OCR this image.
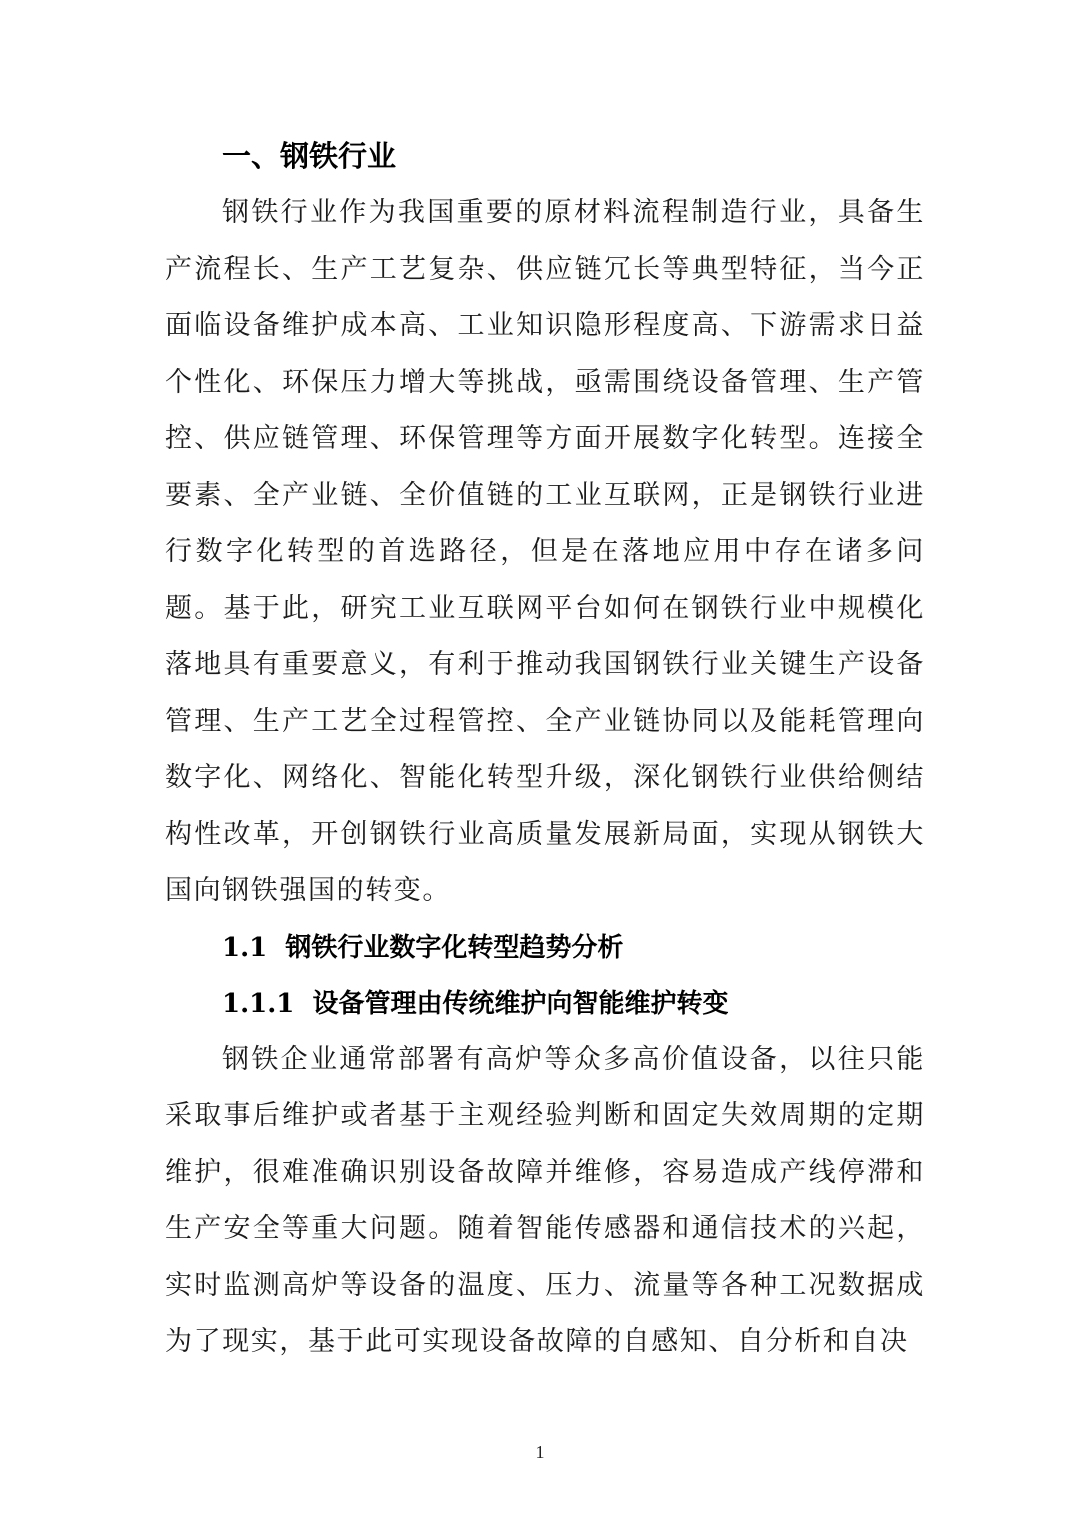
一、钢铁行业

钢铁行业作为我国重要的原材料流程制造行业，具备生产流程长、生产工艺复杂、供应链冗长等典型特征，当今正面临设备维护成本高、工业知识隐形程度高、下游需求日益个性化、环保压力增大等挑战，亟需围绕设备管理、生产管控、供应链管理、环保管理等方面开展数字化转型。连接全要素、全产业链、全价值链的工业互联网，正是钢铁行业进行数字化转型的首选路径，但是在落地应用中存在诸多问题。基于此，研究工业互联网平台如何在钢铁行业中规模化落地具有重要意义，有利于推动我国钢铁行业关键生产设备管理、生产工艺全过程管控、全产业链协同以及能耗管理向数字化、网络化、智能化转型升级，深化钢铁行业供给侧结构性改革，开创钢铁行业高质量发展新局面，实现从钢铁大国向钢铁强国的转变。

1.1  钢铁行业数字化转型趋势分析
1.1.1  设备管理由传统维护向智能维护转变

钢铁企业通常部署有高炉等众多高价值设备，以往只能采取事后维护或者基于主观经验判断和固定失效周期的定期维护，很难准确识别设备故障并维修，容易造成产线停滞和生产安全等重大问题。随着智能传感器和通信技术的兴起，实时监测高炉等设备的温度、压力、流量等各种工况数据成为了现实，基于此可实现设备故障的自感知、自分析和自决

1
